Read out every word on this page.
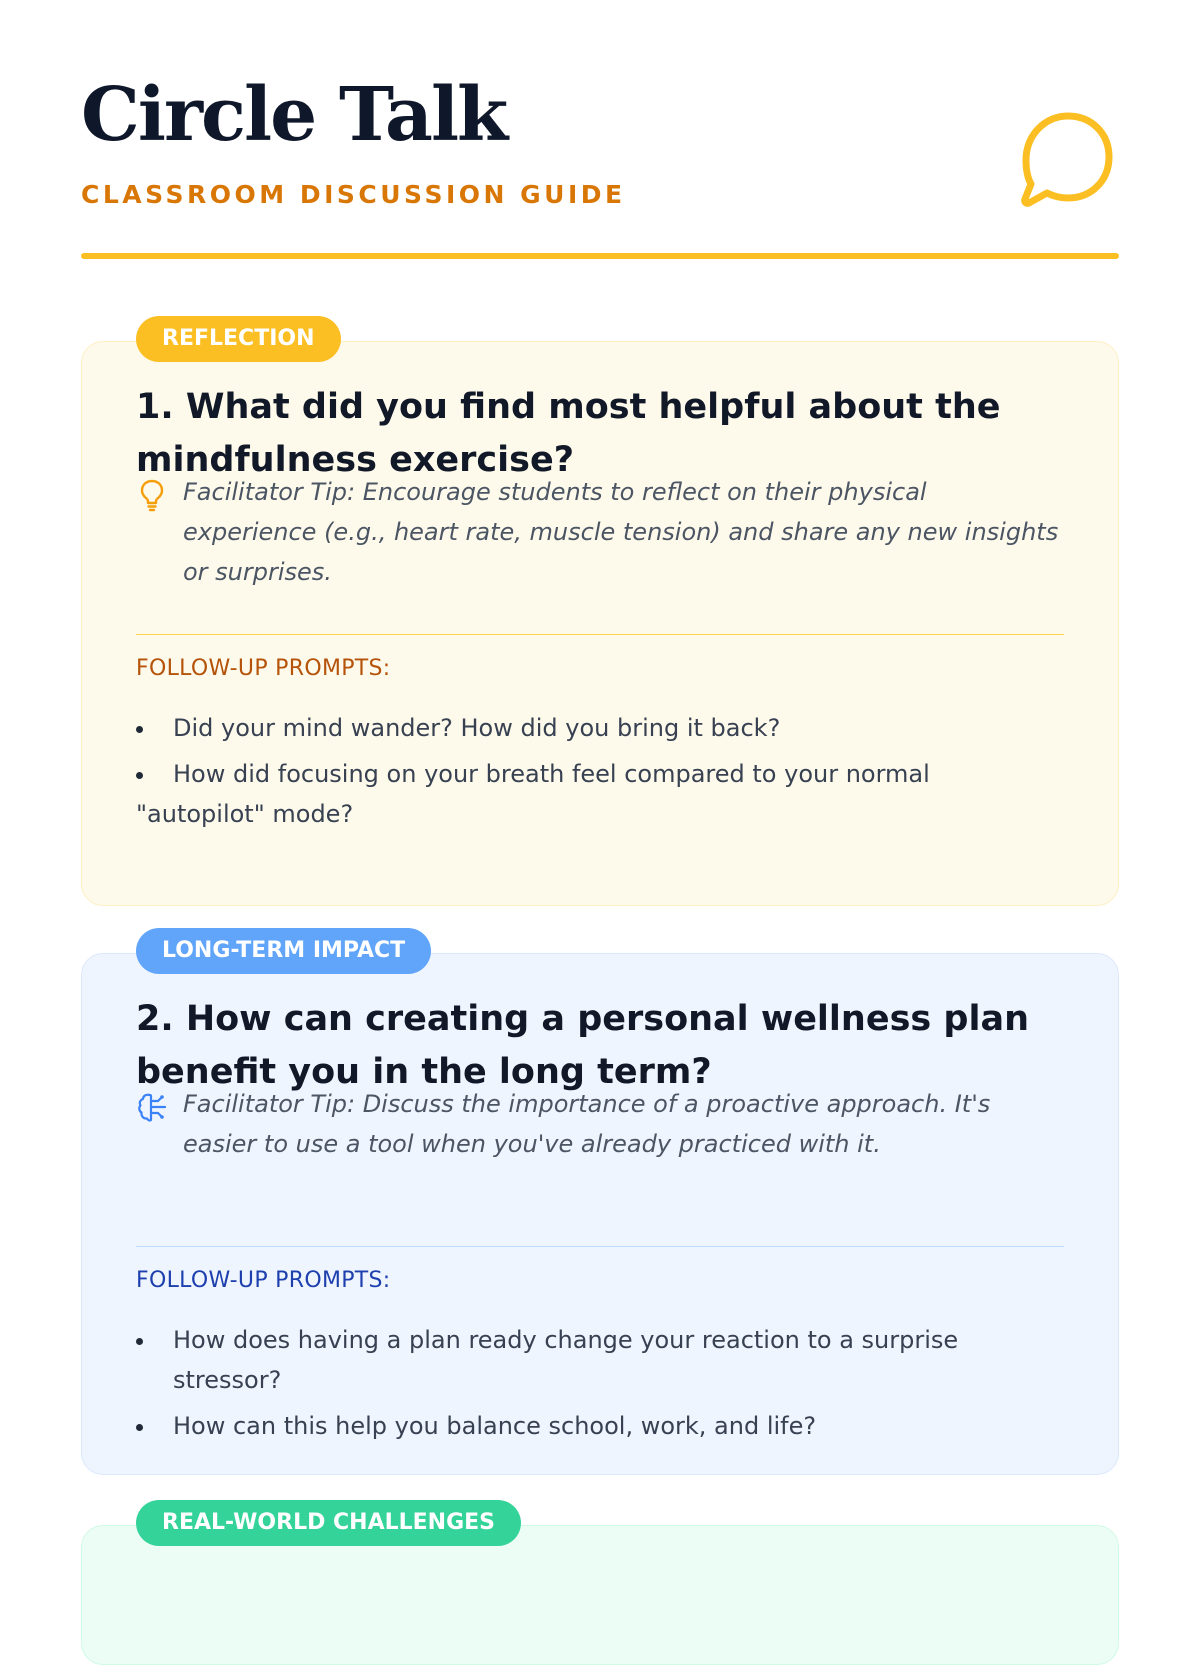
Circle Talk
CLASSROOM DISCUSSION GUIDE
REFLECTION
1. What did you find most helpful about the mindfulness exercise?

Facilitator Tip: Encourage students to reflect on their physical experience (e.g., heart rate, muscle tension) and share any new insights or surprises.

FOLLOW-UP PROMPTS:
Did your mind wander? How did you bring it back?
How did focusing on your breath feel compared to your normal "autopilot" mode?
LONG-TERM IMPACT
2. How can creating a personal wellness plan benefit you in the long term?

Facilitator Tip: Discuss the importance of a proactive approach. It's easier to use a tool when you've already practiced with it.

FOLLOW-UP PROMPTS:
How does having a plan ready change your reaction to a surprise stressor?
How can this help you balance school, work, and life?
REAL-WORLD CHALLENGES
